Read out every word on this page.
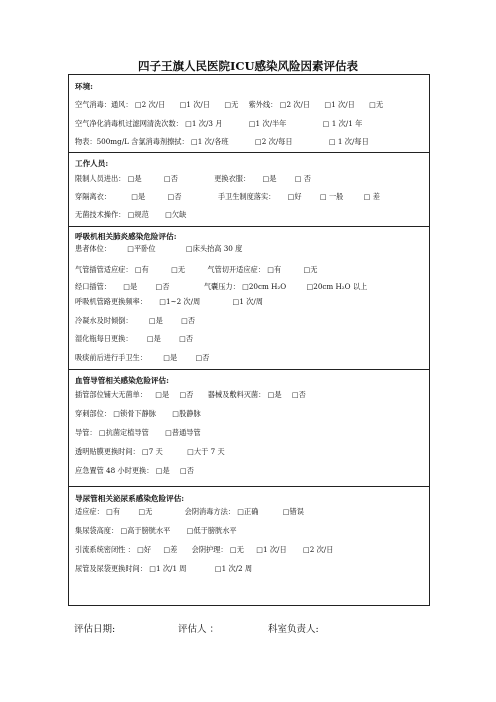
四子王旗人民医院ICU感染风险因素评估表
环境:
空气消毒：通风： □2 次/日 □1 次/日 □无 紫外线： □2 次/日 □1 次/日 □无
空气净化消毒机过滤网清洗次数： □1 次/3 月	□1 次/半年	□ 1 次/1 年
物表：500mg/L 含氯消毒剂擦拭： □1 次/各班	□2 次/每日	□ 1 次/每日
工作人员:
限制人员进出： □是	□否	更换衣服： □是	□ 否
穿隔离衣：	□是	□否	手卫生制度落实： □好	□ 一般	□ 差
无菌技术操作： □规范 □欠缺
呼吸机相关肺炎感染危险评估:
患者体位： □平卧位	□床头抬高 30 度
气管插管适应症： □有	□无	气管切开适应症： □有	□无
经口插管： □是	□否	气囊压力： □20cm H₂O	□20cm H₂O 以上
呼吸机管路更换频率： □1~2 次/周	□1 次/周
冷凝水及时倾倒： □是	□否
湿化瓶每日更换： □是	□否
吸痰前后进行手卫生： □是	□否
血管导管相关感染危险评估:
插管部位铺大无菌单： □是 □否 器械及敷料灭菌： □是 □否
穿刺部位： □锁骨下静脉 □股静脉
导管： □抗菌定植导管 □普通导管
透明贴膜更换时间： □7 天	□大于 7 天
应急置管 48 小时更换： □是 □否
导尿管相关泌尿系感染危险评估:
适应症： □有	□无	会阴消毒方法： □正确	□错误
集尿袋高度： □高于膀胱水平 □低于膀胱水平
引流系统密闭性 ： □好 □差 会阴护理： □无 □1 次/日 □2 次/日
尿管及尿袋更换时间： □1 次/1 周	□1 次/2 周
评估日期:	评估人 ：	科室负责人:
